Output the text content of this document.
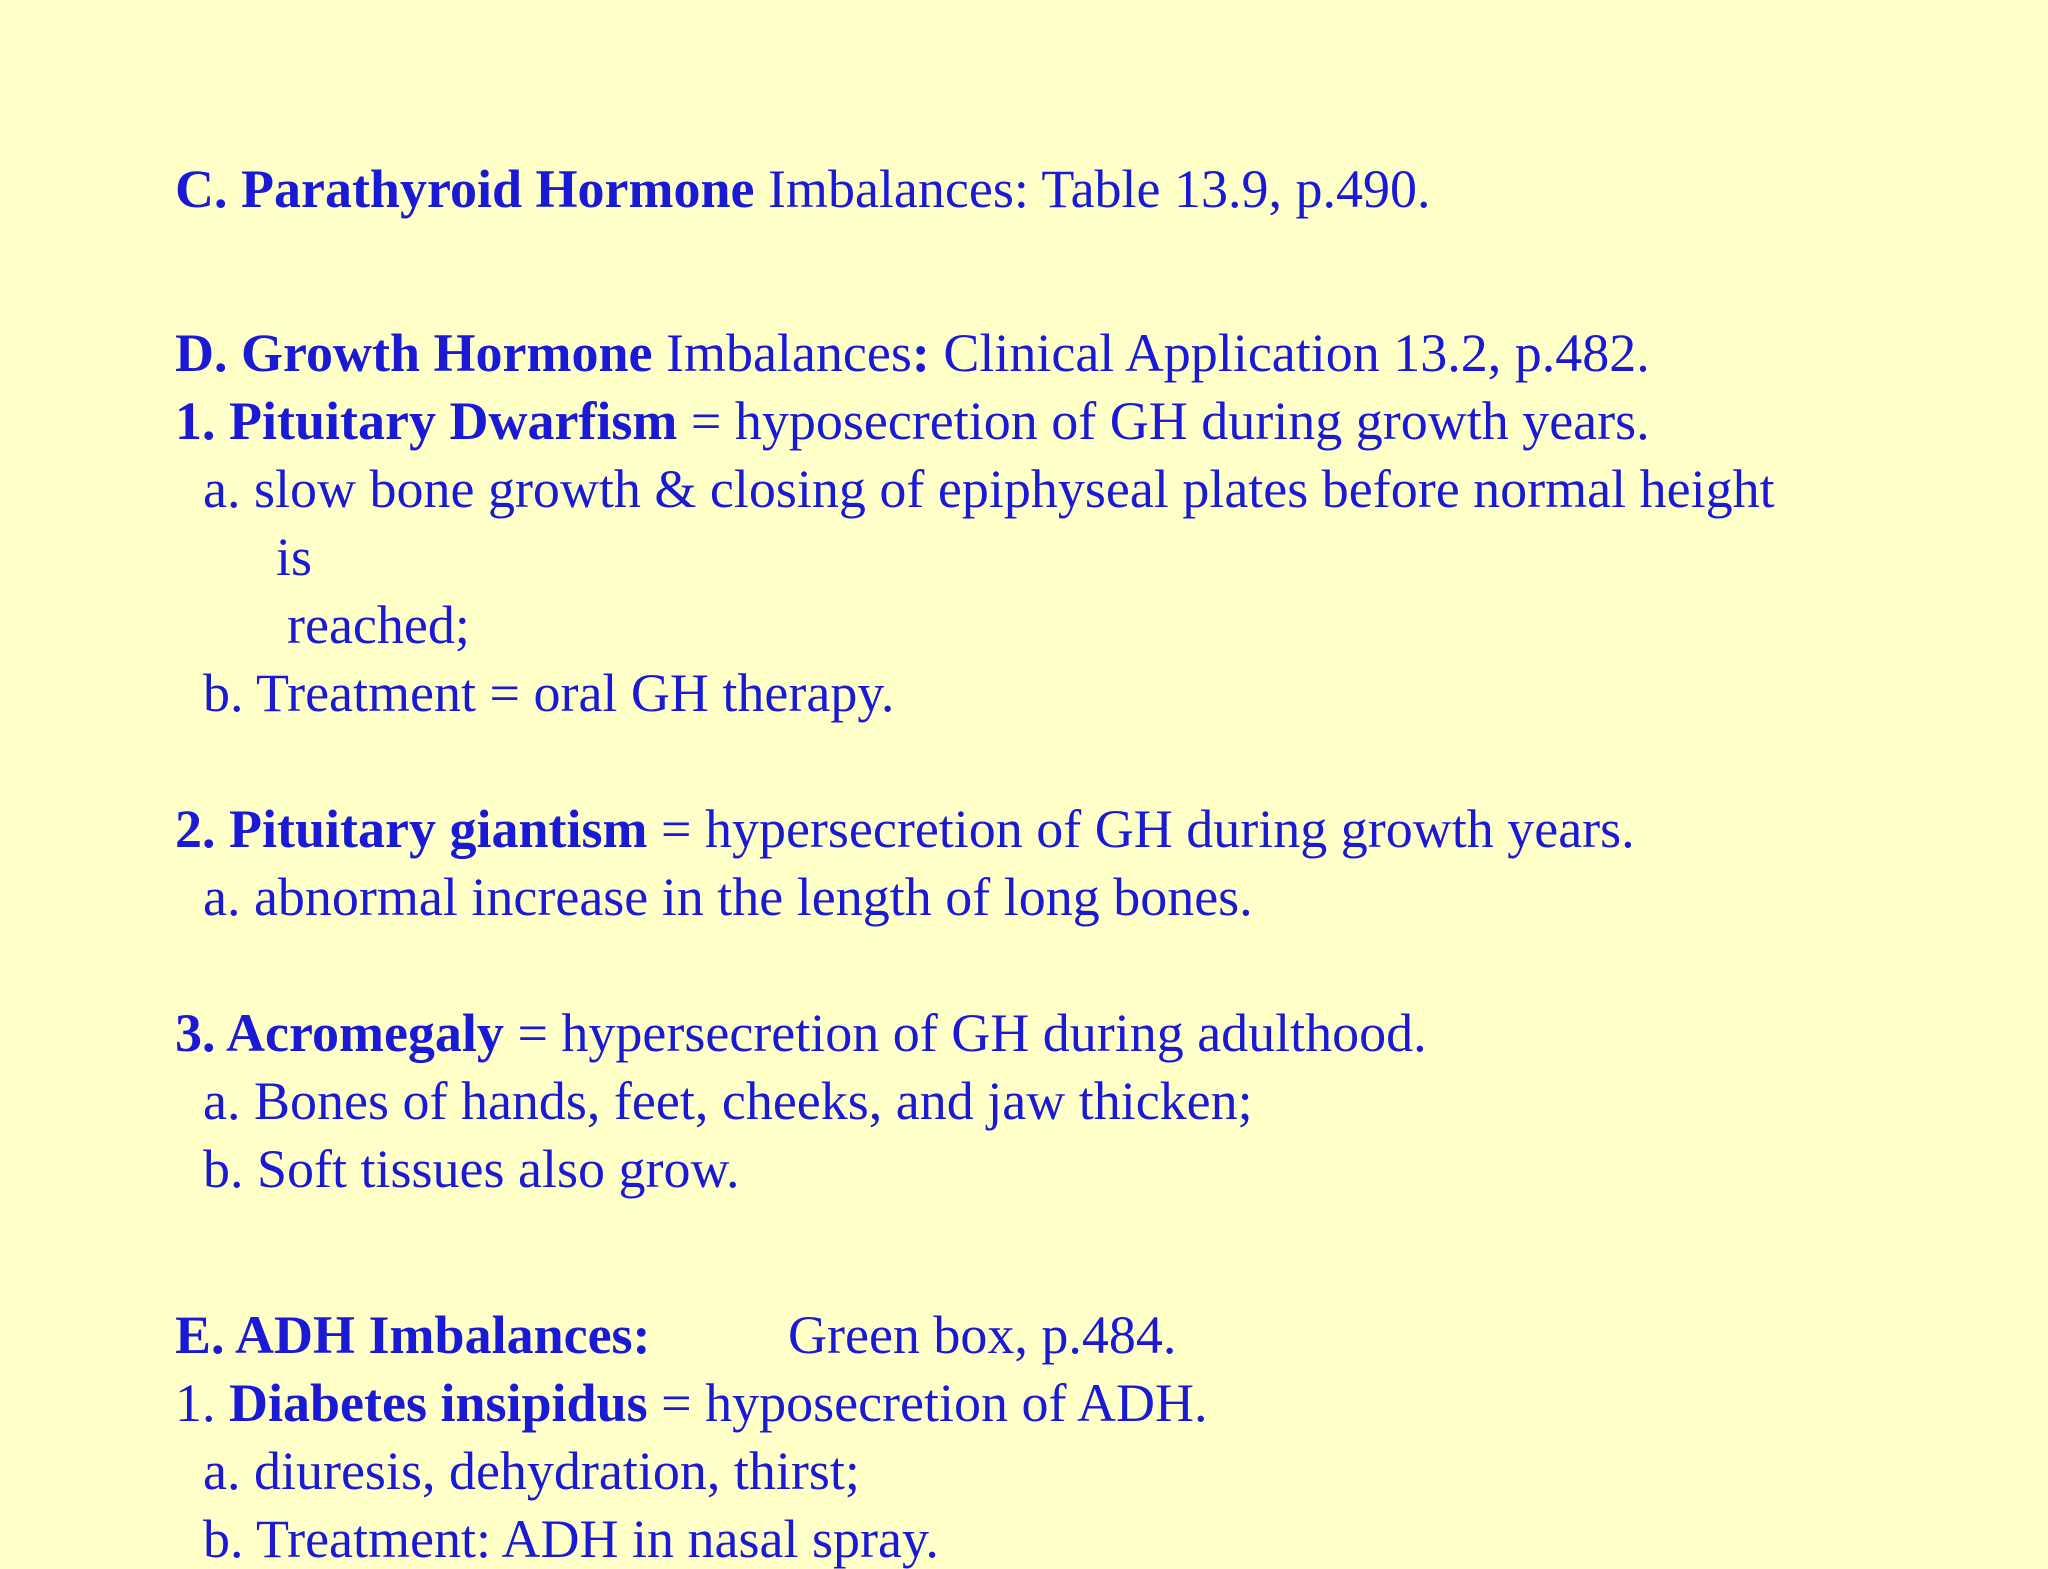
C. Parathyroid Hormone Imbalances: Table 13.9, p.490.
D. Growth Hormone Imbalances: Clinical Application 13.2, p.482.
1. Pituitary Dwarfism = hyposecretion of GH during growth years.
a. slow bone growth & closing of epiphyseal plates before normal height
is
reached;
b. Treatment = oral GH therapy.
2. Pituitary giantism = hypersecretion of GH during growth years.
a. abnormal increase in the length of long bones.
3. Acromegaly = hypersecretion of GH during adulthood.
a. Bones of hands, feet, cheeks, and jaw thicken;
b. Soft tissues also grow.
E. ADH Imbalances:	Green box, p.484.
1. Diabetes insipidus = hyposecretion of ADH.
a. diuresis, dehydration, thirst;
b. Treatment: ADH in nasal spray.
